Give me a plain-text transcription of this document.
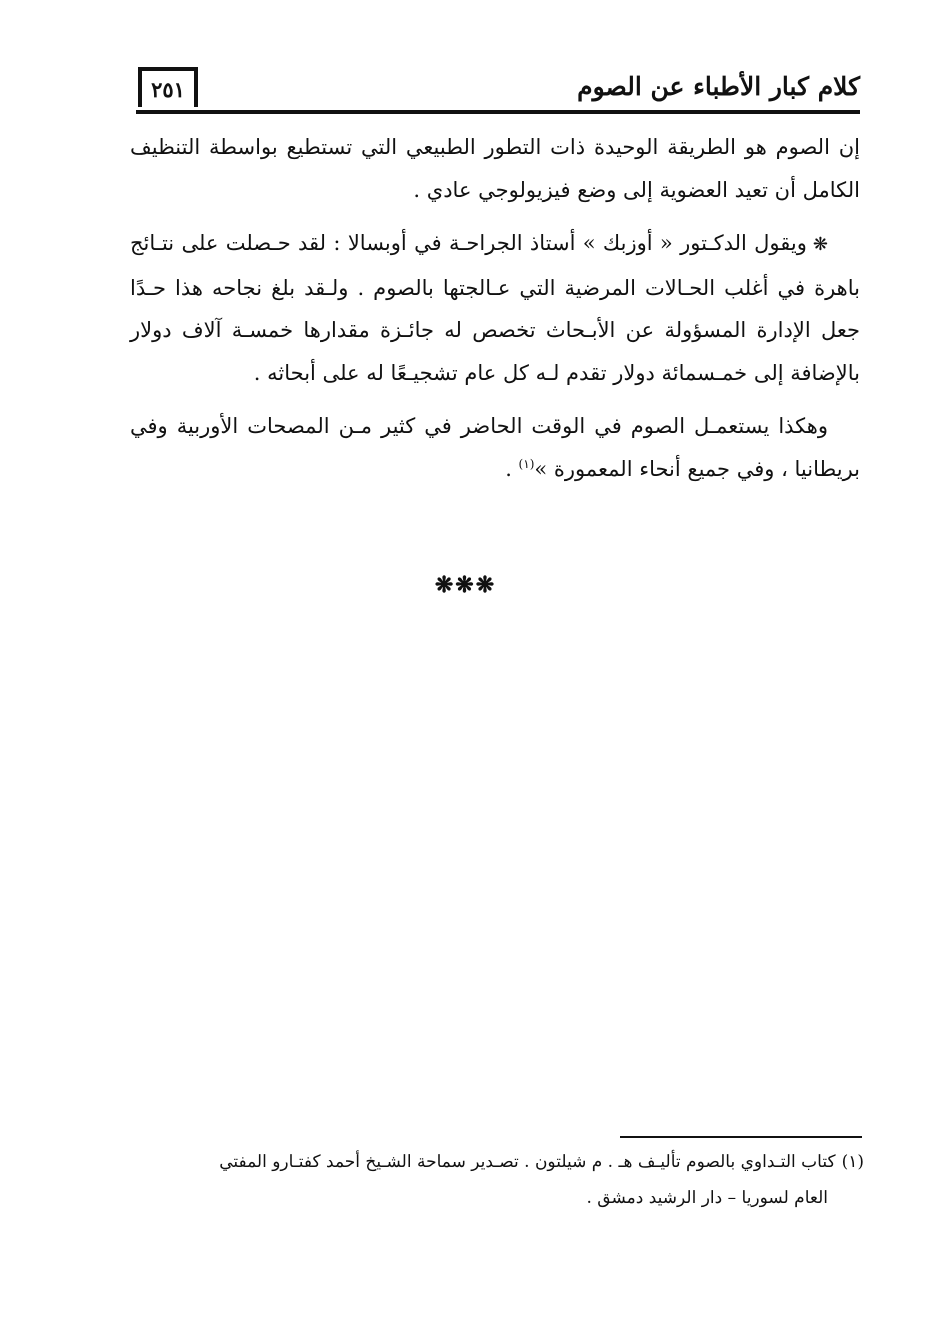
٢٥١	كلام كبار الأطباء عن الصوم

إن الصوم هو الطريقة الوحيدة ذات التطور الطبيعي التي تستطيع بواسطة التنظيف الكامل أن تعيد العضوية إلى وضع فيزيولوجي عادي .

❋ويقول الدكـتور « أوزبك » أستاذ الجراحـة في أوبسالا : لقد حـصلت على نتـائج باهرة في أغلب الحـالات المرضية التي عـالجتها بالصوم . ولـقد بلغ نجاحه هذا حـدًا جعل الإدارة المسؤولة عن الأبـحاث تخصص له جائـزة مقدارها خمسـة آلاف دولار بالإضافة إلى خمـسمائة دولار تقدم لـه كل عام تشجيـعًا له على أبحاثه .

وهكذا يستعمـل الصوم في الوقت الحاضر في كثير مـن المصحات الأوربية وفي بريطانيا ، وفي جميع أنحاء المعمورة »$^{(١)}$ .

❋❋❋
(١)كتاب التـداوي بالصوم تأليـف هـ . م شيلتون . تصـدير سماحة الشـيخ أحمد كفتـارو المفتي
العام لسوريا – دار الرشيد دمشق .
